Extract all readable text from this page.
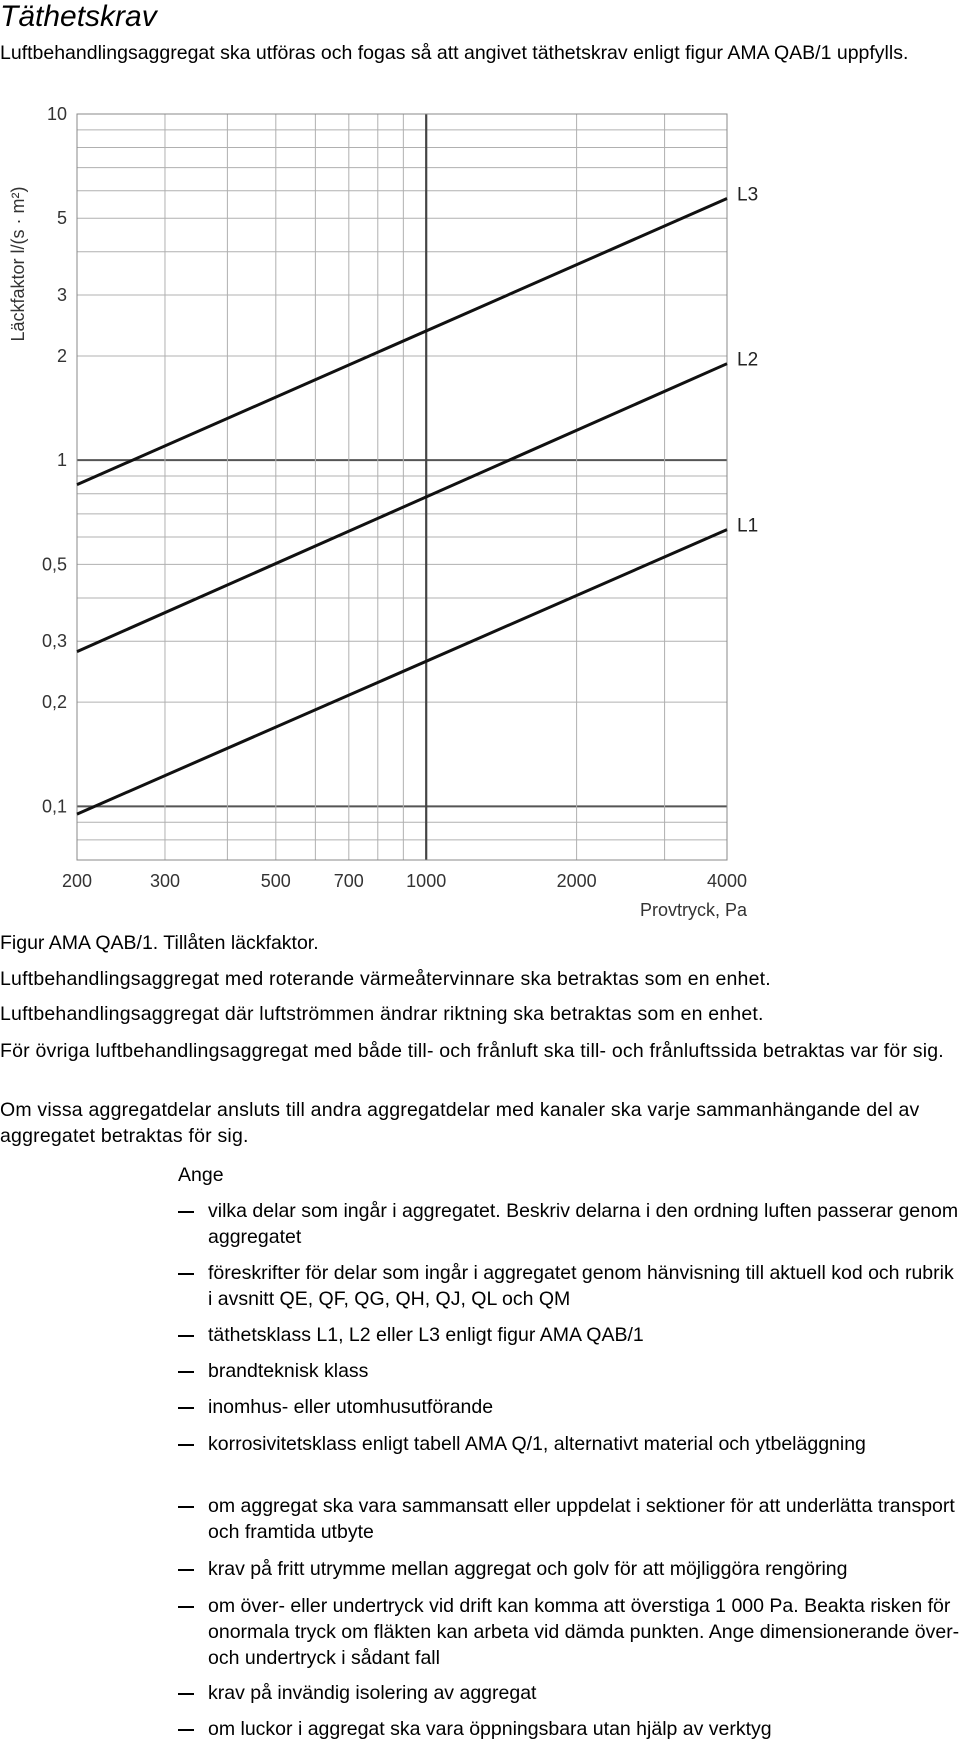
Täthetskrav
Luftbehandlingsaggregat ska utföras och fogas så att angivet täthetskrav enligt figur AMA QAB/1 uppfylls.
0,1
0,2
0,3
0,5
1
2
3
5
10
200	300	500 700 1000	2000	4000
L3
L2
L1
Läckfaktor l/(s · m²)
Provtryck, Pa
Figur AMA QAB/1. Tillåten läckfaktor.
Luftbehandlingsaggregat med roterande värmeåtervinnare ska betraktas som en enhet.
Luftbehandlingsaggregat där luftströmmen ändrar riktning ska betraktas som en enhet.
För övriga luftbehandlingsaggregat med både till- och frånluft ska till- och frånluftssida betraktas var för sig.
Om vissa aggregatdelar ansluts till andra aggregatdelar med kanaler ska varje sammanhängande del av aggregatet betraktas för sig.
Ange
vilka delar som ingår i aggregatet. Beskriv delarna i den ordning luften passerar genom aggregatet
föreskrifter för delar som ingår i aggregatet genom hänvisning till aktuell kod och rubrik i avsnitt QE, QF, QG, QH, QJ, QL och QM
täthetsklass L1, L2 eller L3 enligt figur AMA QAB/1
brandteknisk klass
inomhus- eller utomhusutförande
korrosivitetsklass enligt tabell AMA Q/1, alternativt material och ytbeläggning
om aggregat ska vara sammansatt eller uppdelat i sektioner för att underlätta transport och framtida utbyte
krav på fritt utrymme mellan aggregat och golv för att möjliggöra rengöring
om över- eller undertryck vid drift kan komma att överstiga 1 000 Pa. Beakta risken för onormala tryck om fläkten kan arbeta vid dämda punkten. Ange dimensionerande över- och undertryck i sådant fall
krav på invändig isolering av aggregat
om luckor i aggregat ska vara öppningsbara utan hjälp av verktyg
